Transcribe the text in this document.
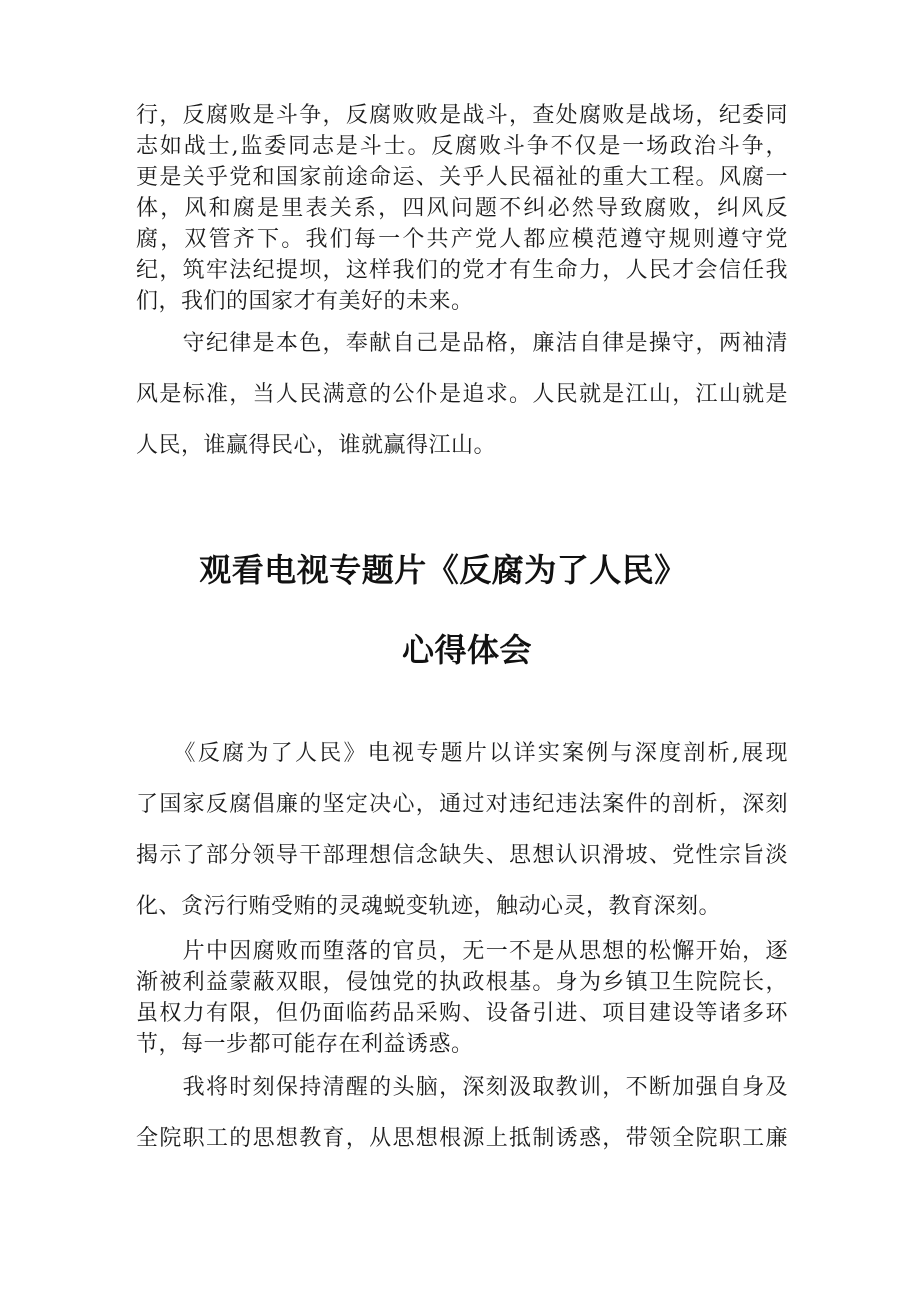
行，反腐败是斗争，反腐败败是战斗，查处腐败是战场，纪委同
志如战士,监委同志是斗士。反腐败斗争不仅是一场政治斗争，
更是关乎党和国家前途命运、关乎人民福祉的重大工程。风腐一
体，风和腐是里表关系，四风问题不纠必然导致腐败，纠风反
腐，双管齐下。我们每一个共产党人都应模范遵守规则遵守党
纪，筑牢法纪提坝，这样我们的党才有生命力，人民才会信任我
们，我们的国家才有美好的未来。
　　守纪律是本色，奉献自己是品格，廉洁自律是操守，两袖清
风是标准，当人民满意的公仆是追求。人民就是江山，江山就是
人民，谁赢得民心，谁就赢得江山。
观看电视专题片《反腐为了人民》
心得体会
　　《反腐为了人民》电视专题片以详实案例与深度剖析,展现
了国家反腐倡廉的坚定决心，通过对违纪违法案件的剖析，深刻
揭示了部分领导干部理想信念缺失、思想认识滑坡、党性宗旨淡
化、贪污行贿受贿的灵魂蜕变轨迹，触动心灵，教育深刻。
　　片中因腐败而堕落的官员，无一不是从思想的松懈开始，逐
渐被利益蒙蔽双眼，侵蚀党的执政根基。身为乡镇卫生院院长，
虽权力有限，但仍面临药品采购、设备引进、项目建设等诸多环
节，每一步都可能存在利益诱惑。
　　我将时刻保持清醒的头脑，深刻汲取教训，不断加强自身及
全院职工的思想教育，从思想根源上抵制诱惑，带领全院职工廉
